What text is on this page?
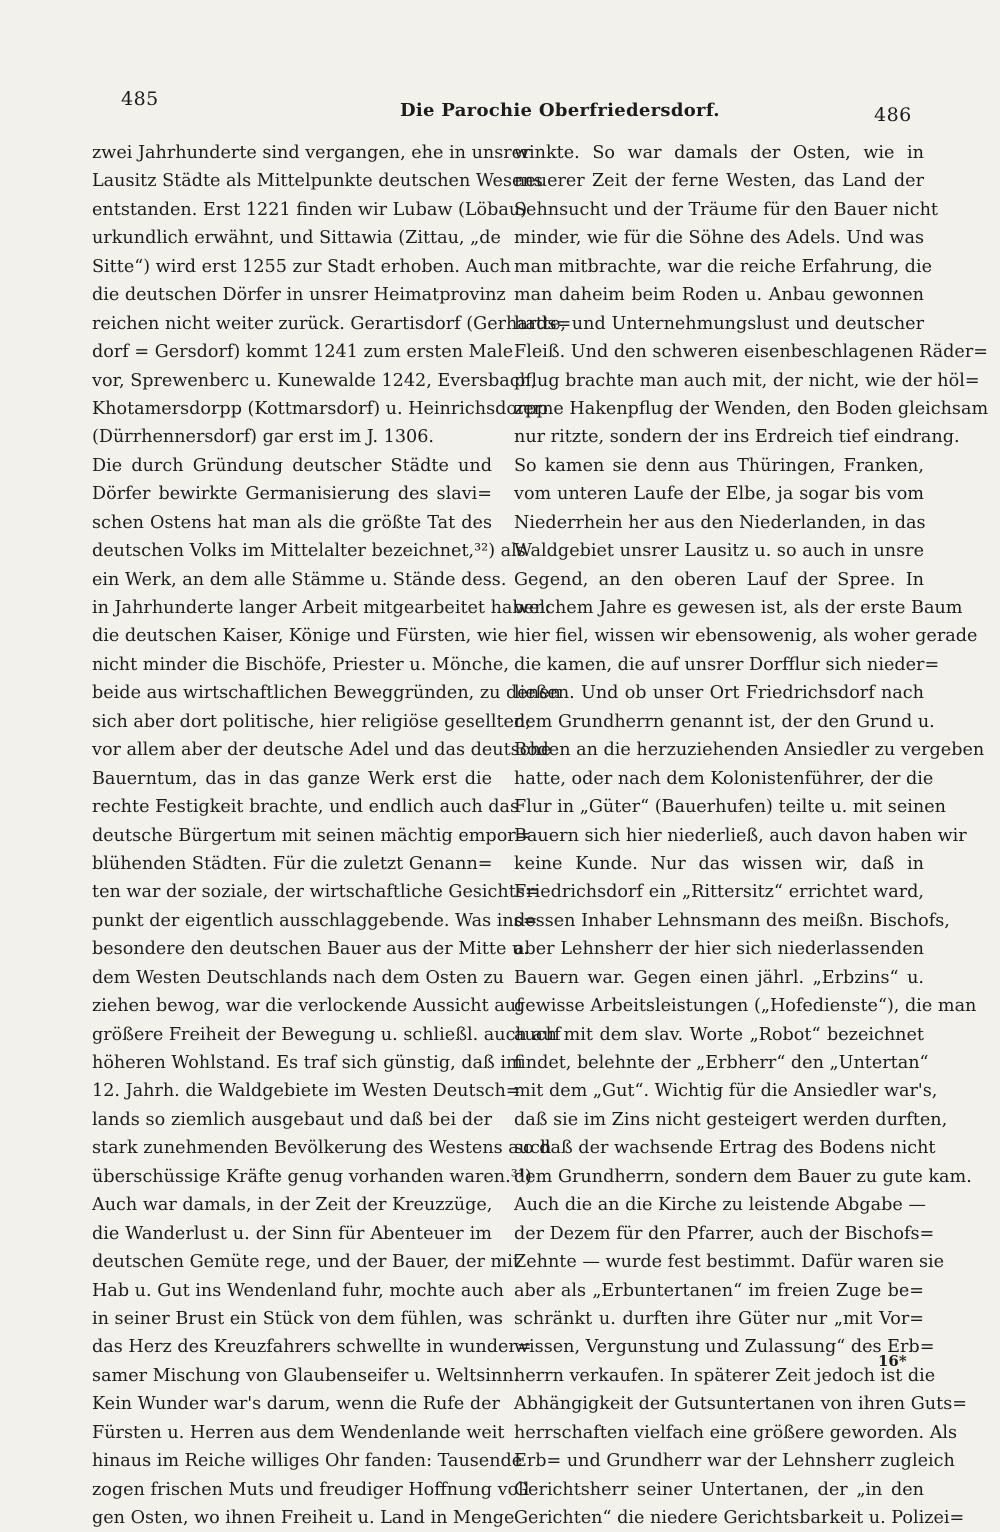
485
Die Parochie Oberfriedersdorf.	486
zwei Jahrhunderte sind vergangen, ehe in unsrer
Lausitz Städte als Mittelpunkte deutschen Wesens
entstanden. Erst 1221 finden wir Lubaw (Löbau)
urkundlich erwähnt, und Sittawia (Zittau, „de
Sitte“) wird erst 1255 zur Stadt erhoben. Auch
die deutschen Dörfer in unsrer Heimatprovinz
reichen nicht weiter zurück. Gerartisdorf (Gerhards=
dorf = Gersdorf) kommt 1241 zum ersten Male
vor, Sprewenberc u. Kunewalde 1242, Eversbach,
Khotamersdorpp (Kottmarsdorf) u. Heinrichsdorpp
(Dürrhennersdorf) gar erst im J. 1306.
Die durch Gründung deutscher Städte und
Dörfer bewirkte Germanisierung des slavi=
schen Ostens hat man als die größte Tat des
deutschen Volks im Mittelalter bezeichnet,³²) als
ein Werk, an dem alle Stämme u. Stände dess.
in Jahrhunderte langer Arbeit mitgearbeitet haben:
die deutschen Kaiser, Könige und Fürsten, wie
nicht minder die Bischöfe, Priester u. Mönche,
beide aus wirtschaftlichen Beweggründen, zu denen
sich aber dort politische, hier religiöse gesellten;
vor allem aber der deutsche Adel und das deutsche
Bauerntum, das in das ganze Werk erst die
rechte Festigkeit brachte, und endlich auch das
deutsche Bürgertum mit seinen mächtig empor=
blühenden Städten. Für die zuletzt Genann=
ten war der soziale, der wirtschaftliche Gesichts=
punkt der eigentlich ausschlaggebende. Was ins=
besondere den deutschen Bauer aus der Mitte u.
dem Westen Deutschlands nach dem Osten zu
ziehen bewog, war die verlockende Aussicht auf
größere Freiheit der Bewegung u. schließl. auch auf
höheren Wohlstand. Es traf sich günstig, daß im
12. Jahrh. die Waldgebiete im Westen Deutsch=
lands so ziemlich ausgebaut und daß bei der
stark zunehmenden Bevölkerung des Westens auch
überschüssige Kräfte genug vorhanden waren.³¹)
Auch war damals, in der Zeit der Kreuzzüge,
die Wanderlust u. der Sinn für Abenteuer im
deutschen Gemüte rege, und der Bauer, der mit
Hab u. Gut ins Wendenland fuhr, mochte auch
in seiner Brust ein Stück von dem fühlen, was
das Herz des Kreuzfahrers schwellte in wunder=
samer Mischung von Glaubenseifer u. Weltsinn.
Kein Wunder war's darum, wenn die Rufe der
Fürsten u. Herren aus dem Wendenlande weit
hinaus im Reiche williges Ohr fanden: Tausende
zogen frischen Muts und freudiger Hoffnung voll
gen Osten, wo ihnen Freiheit u. Land in Menge
winkte. So war damals der Osten, wie in
neuerer Zeit der ferne Westen, das Land der
Sehnsucht und der Träume für den Bauer nicht
minder, wie für die Söhne des Adels. Und was
man mitbrachte, war die reiche Erfahrung, die
man daheim beim Roden u. Anbau gewonnen
hatte, und Unternehmungslust und deutscher
Fleiß. Und den schweren eisenbeschlagenen Räder=
pflug brachte man auch mit, der nicht, wie der höl=
zerne Hakenpflug der Wenden, den Boden gleichsam
nur ritzte, sondern der ins Erdreich tief eindrang.
So kamen sie denn aus Thüringen, Franken,
vom unteren Laufe der Elbe, ja sogar bis vom
Niederrhein her aus den Niederlanden, in das
Waldgebiet unsrer Lausitz u. so auch in unsre
Gegend, an den oberen Lauf der Spree. In
welchem Jahre es gewesen ist, als der erste Baum
hier fiel, wissen wir ebensowenig, als woher gerade
die kamen, die auf unsrer Dorfflur sich nieder=
ließen. Und ob unser Ort Friedrichsdorf nach
dem Grundherrn genannt ist, der den Grund u.
Boden an die herzuziehenden Ansiedler zu vergeben
hatte, oder nach dem Kolonistenführer, der die
Flur in „Güter“ (Bauerhufen) teilte u. mit seinen
Bauern sich hier niederließ, auch davon haben wir
keine Kunde. Nur das wissen wir, daß in
Friedrichsdorf ein „Rittersitz“ errichtet ward,
dessen Inhaber Lehnsmann des meißn. Bischofs,
aber Lehnsherr der hier sich niederlassenden
Bauern war. Gegen einen jährl. „Erbzins“ u.
gewisse Arbeitsleistungen („Hofedienste“), die man
auch mit dem slav. Worte „Robot“ bezeichnet
findet, belehnte der „Erbherr“ den „Untertan“
mit dem „Gut“. Wichtig für die Ansiedler war's,
daß sie im Zins nicht gesteigert werden durften,
so daß der wachsende Ertrag des Bodens nicht
dem Grundherrn, sondern dem Bauer zu gute kam.
Auch die an die Kirche zu leistende Abgabe —
der Dezem für den Pfarrer, auch der Bischofs=
Zehnte — wurde fest bestimmt. Dafür waren sie
aber als „Erbuntertanen“ im freien Zuge be=
schränkt u. durften ihre Güter nur „mit Vor=
wissen, Vergunstung und Zulassung“ des Erb=
herrn verkaufen. In späterer Zeit jedoch ist die
Abhängigkeit der Gutsuntertanen von ihren Guts=
herrschaften vielfach eine größere geworden. Als
Erb= und Grundherr war der Lehnsherr zugleich
Gerichtsherr seiner Untertanen, der „in den
Gerichten“ die niedere Gerichtsbarkeit u. Polizei=
16*
